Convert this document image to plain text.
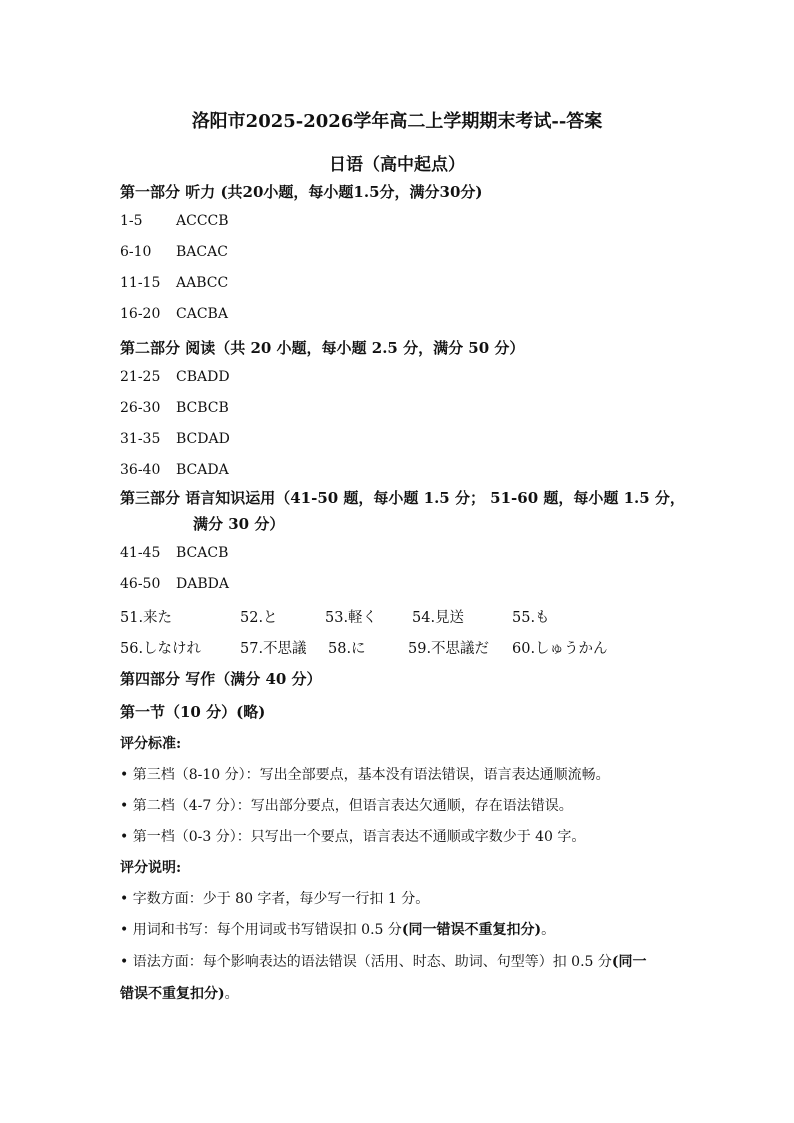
洛阳市2025-2026学年高二上学期期末考试--答案
日语（高中起点）
第一部分 听力 (共20小题，每小题1.5分，满分30分)
1-5 ACCCB
6-10 BACAC
11-15 AABCC
16-20 CACBA
第二部分 阅读（共 20 小题，每小题 2.5 分，满分 50 分）
21-25 CBADD
26-30 BCBCB
31-35 BCDAD
36-40 BCADA
第三部分 语言知识运用（41-50 题，每小题 1.5 分； 51-60 题，每小题 1.5 分，
满分 30 分）
41-45 BCACB
46-50 DABDA
51.来た	52.と	53.軽く 54.見送	55.も
56.しなけれ	57.不思議 58.に	59.不思議だ 60.しゅうかん
第四部分 写作（满分 40 分）
第一节（10 分）(略)
评分标准:
• 第三档（8-10 分）：写出全部要点，基本没有语法错误，语言表达通顺流畅。
• 第二档（4-7 分）：写出部分要点，但语言表达欠通顺，存在语法错误。
• 第一档（0-3 分）：只写出一个要点，语言表达不通顺或字数少于 40 字。
评分说明:
• 字数方面：少于 80 字者，每少写一行扣 1 分。
• 用词和书写：每个用词或书写错误扣 0.5 分(同一错误不重复扣分)。
• 语法方面：每个影响表达的语法错误（活用、时态、助词、句型等）扣 0.5 分(同一
错误不重复扣分)。
